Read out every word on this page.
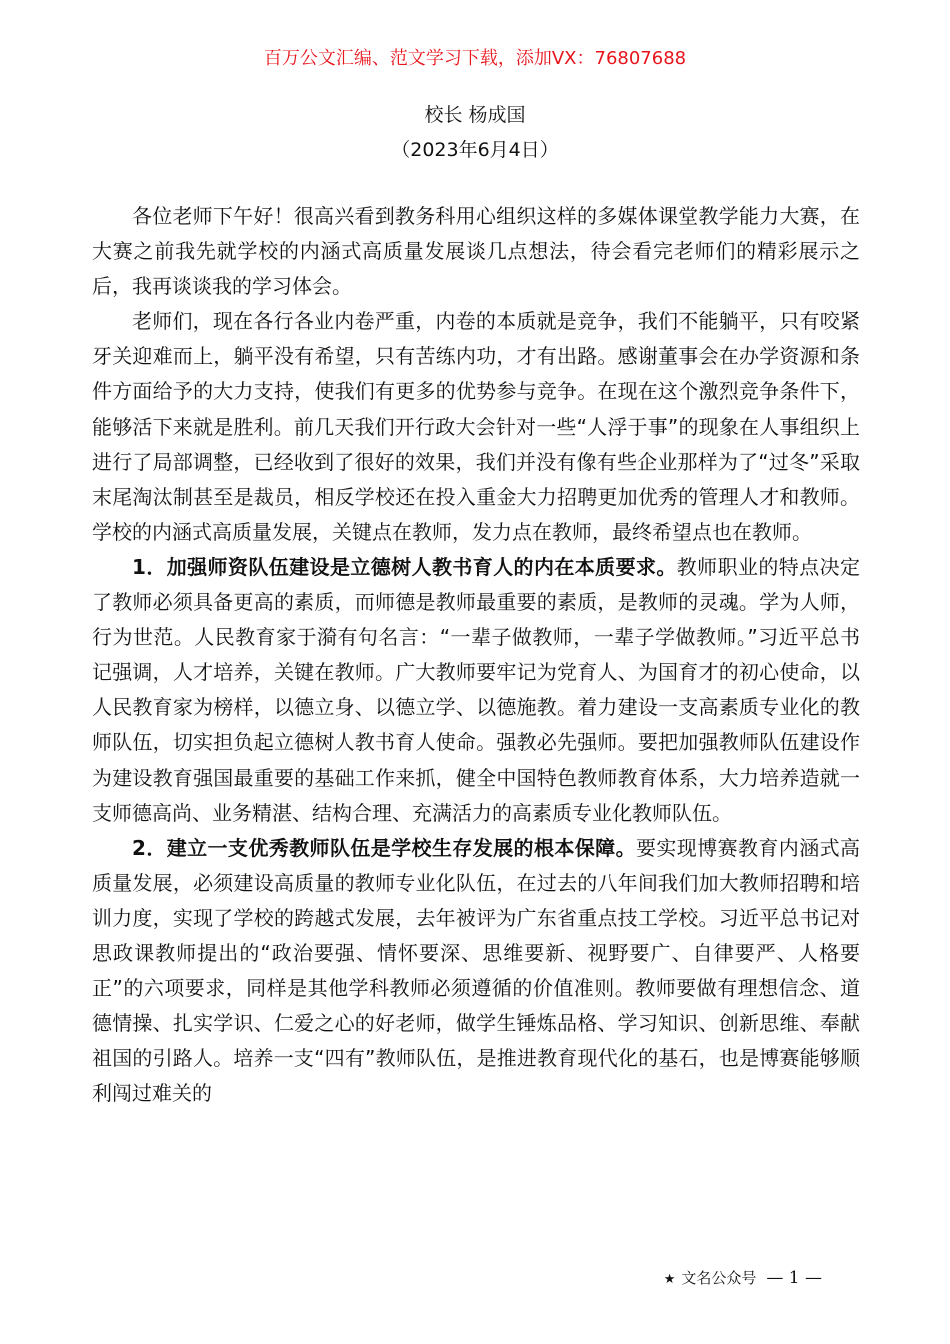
百万公文汇编、范文学习下载，添加VX：76807688
校长 杨成国
（2023年6月4日）

各位老师下午好！很高兴看到教务科用心组织这样的多媒体课堂教学能力大赛，在大赛之前我先就学校的内涵式高质量发展谈几点想法，待会看完老师们的精彩展示之后，我再谈谈我的学习体会。

老师们，现在各行各业内卷严重，内卷的本质就是竞争，我们不能躺平，只有咬紧牙关迎难而上，躺平没有希望，只有苦练内功，才有出路。感谢董事会在办学资源和条件方面给予的大力支持，使我们有更多的优势参与竞争。在现在这个激烈竞争条件下，能够活下来就是胜利。前几天我们开行政大会针对一些“人浮于事”的现象在人事组织上进行了局部调整，已经收到了很好的效果，我们并没有像有些企业那样为了“过冬”采取末尾淘汰制甚至是裁员，相反学校还在投入重金大力招聘更加优秀的管理人才和教师。学校的内涵式高质量发展，关键点在教师，发力点在教师，最终希望点也在教师。

1．加强师资队伍建设是立德树人教书育人的内在本质要求。教师职业的特点决定了教师必须具备更高的素质，而师德是教师最重要的素质，是教师的灵魂。学为人师，行为世范。人民教育家于漪有句名言：“一辈子做教师，一辈子学做教师。”习近平总书记强调，人才培养，关键在教师。广大教师要牢记为党育人、为国育才的初心使命，以人民教育家为榜样，以德立身、以德立学、以德施教。着力建设一支高素质专业化的教师队伍，切实担负起立德树人教书育人使命。强教必先强师。要把加强教师队伍建设作为建设教育强国最重要的基础工作来抓，健全中国特色教师教育体系，大力培养造就一支师德高尚、业务精湛、结构合理、充满活力的高素质专业化教师队伍。

2．建立一支优秀教师队伍是学校生存发展的根本保障。要实现博赛教育内涵式高质量发展，必须建设高质量的教师专业化队伍，在过去的八年间我们加大教师招聘和培训力度，实现了学校的跨越式发展，去年被评为广东省重点技工学校。习近平总书记对思政课教师提出的“政治要强、情怀要深、思维要新、视野要广、自律要严、人格要正”的六项要求，同样是其他学科教师必须遵循的价值准则。教师要做有理想信念、道德情操、扎实学识、仁爱之心的好老师，做学生锤炼品格、学习知识、创新思维、奉献祖国的引路人。培养一支“四有”教师队伍，是推进教育现代化的基石，也是博赛能够顺利闯过难关的

★ 文名公众号 — 1 —
